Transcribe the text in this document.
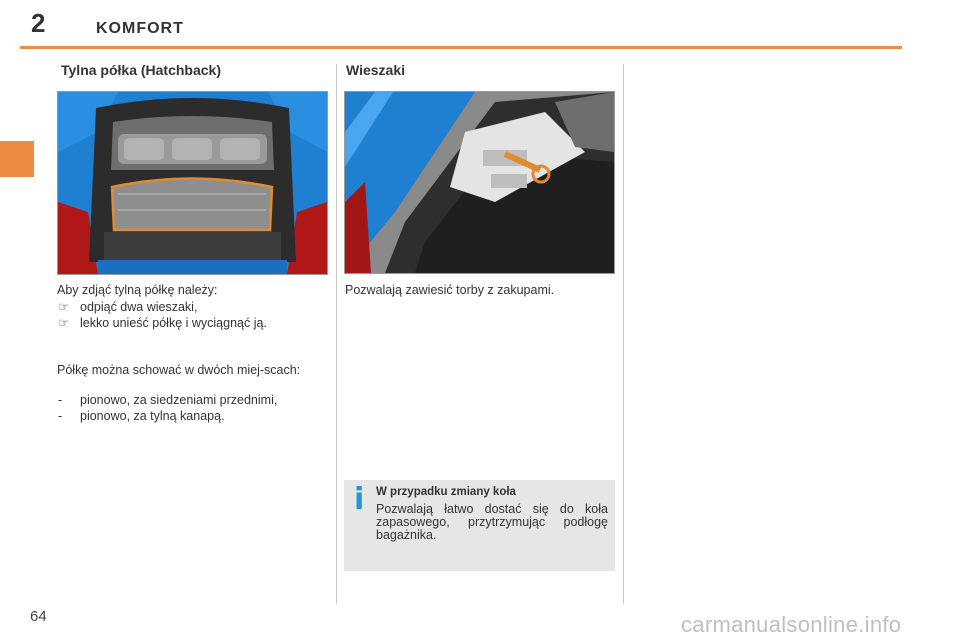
2	KOMFORT
Tylna półka (Hatchback)

Aby zdjąć tylną półkę należy:

☞ odpiąć dwa wieszaki,
☞ lekko unieść półkę i wyciągnąć ją.

Półkę można schować w dwóch miej-scach:

- pionowo, za siedzeniami przednimi,
- pionowo, za tylną kanapą.
Wieszaki

Pozwalają zawiesić torby z zakupami.

i W przypadku zmiany koła
Pozwalają łatwo dostać się do koła zapasowego, przytrzymując podłogę bagażnika.
64	carmanualsonline.info
